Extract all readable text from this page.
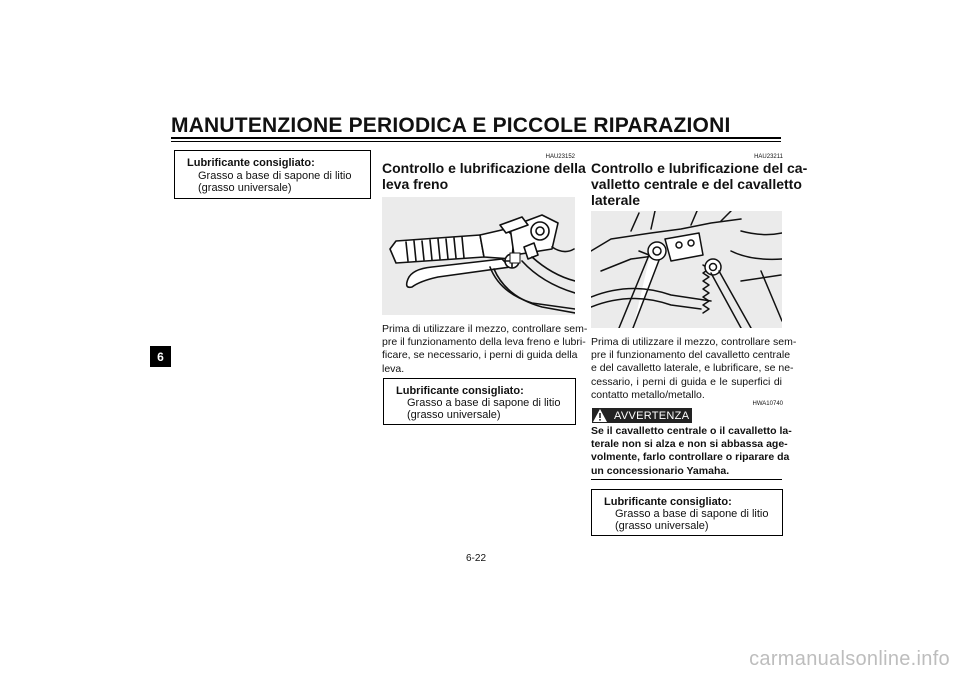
MANUTENZIONE PERIODICA E PICCOLE RIPARAZIONI
6
Lubrificante consigliato:
Grasso a base di sapone di litio
(grasso universale)
HAU23152
Controllo e lubrificazione della
leva freno
Prima di utilizzare il mezzo, controllare sem-
pre il funzionamento della leva freno e lubri-
ficare, se necessario, i perni di guida della
leva.
Lubrificante consigliato:
Grasso a base di sapone di litio
(grasso universale)
HAU23211
Controllo e lubrificazione del ca-
valletto centrale e del cavalletto
laterale
Prima di utilizzare il mezzo, controllare sem-
pre il funzionamento del cavalletto centrale
e del cavalletto laterale, e lubrificare, se ne-
cessario, i perni di guida e le superfici di
contatto metallo/metallo.
HWA10740
AVVERTENZA
Se il cavalletto centrale o il cavalletto la-
terale non si alza e non si abbassa age-
volmente, farlo controllare o riparare da
un concessionario Yamaha.
Lubrificante consigliato:
Grasso a base di sapone di litio
(grasso universale)
6-22
carmanualsonline.info
